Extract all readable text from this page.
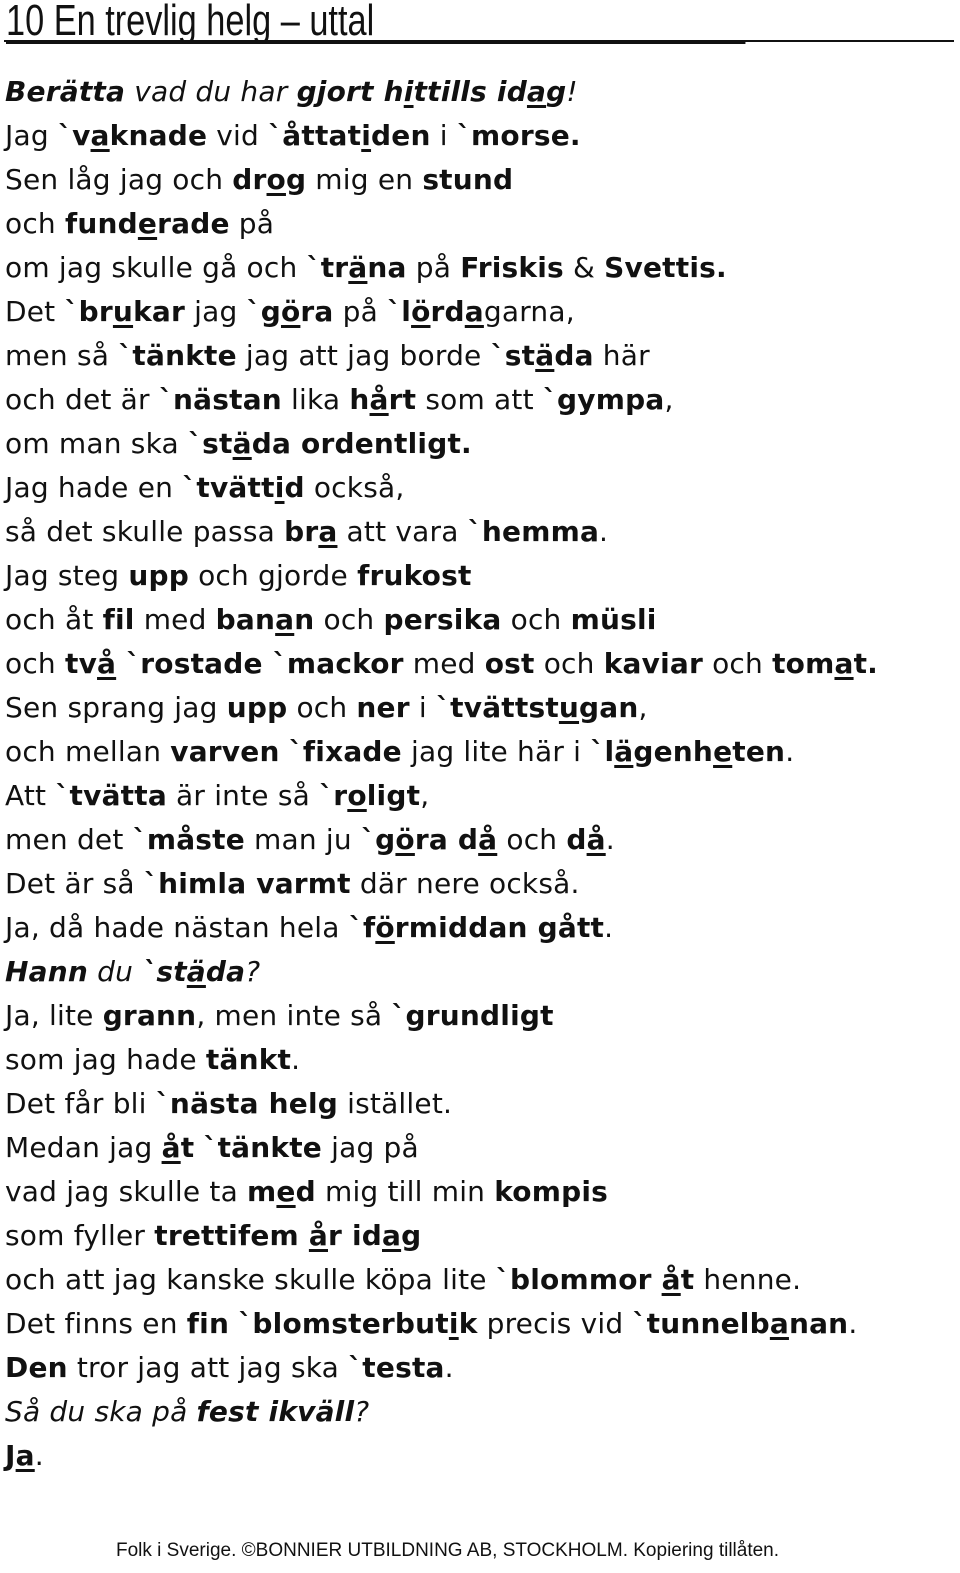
10 En trevlig helg – uttal
Berätta vad du har gjort hittills idag!
Jag `vaknade vid `åttatiden i `morse.
Sen låg jag och drog mig en stund
och funderade på
om jag skulle gå och `träna på Friskis & Svettis.
Det `brukar jag `göra på `lördagarna,
men så `tänkte jag att jag borde `städa här
och det är `nästan lika hårt som att `gympa,
om man ska `städa ordentligt.
Jag hade en `tvättid också,
så det skulle passa bra att vara `hemma.
Jag steg upp och gjorde frukost
och åt fil med banan och persika och müsli
och två `rostade `mackor med ost och kaviar och tomat.
Sen sprang jag upp och ner i `tvättstugan,
och mellan varven `fixade jag lite här i `lägenheten.
Att `tvätta är inte så `roligt,
men det `måste man ju `göra då och då.
Det är så `himla varmt där nere också.
Ja, då hade nästan hela `förmiddan gått.
Hann du `städa?
Ja, lite grann, men inte så `grundligt
som jag hade tänkt.
Det får bli `nästa helg istället.
Medan jag åt `tänkte jag på
vad jag skulle ta med mig till min kompis
som fyller trettifem år idag
och att jag kanske skulle köpa lite `blommor åt henne.
Det finns en fin `blomsterbutik precis vid `tunnelbanan.
Den tror jag att jag ska `testa.
Så du ska på fest ikväll?
Ja.
Folk i Sverige. ©BONNIER UTBILDNING AB, STOCKHOLM. Kopiering tillåten.
